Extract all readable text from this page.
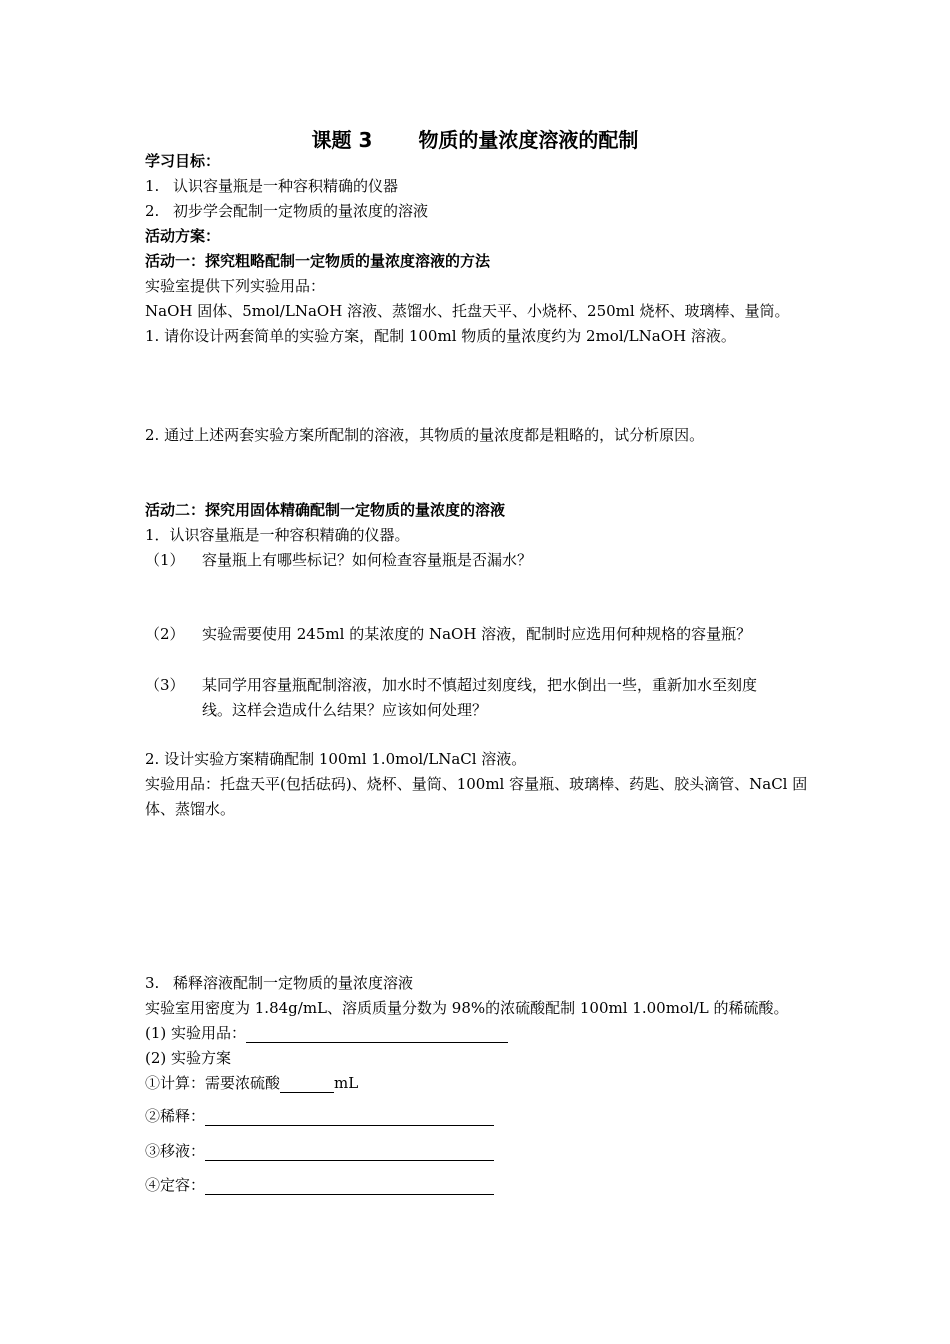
课题 3 物质的量浓度溶液的配制
学习目标：
1. 认识容量瓶是一种容积精确的仪器
2. 初步学会配制一定物质的量浓度的溶液
活动方案：
活动一：探究粗略配制一定物质的量浓度溶液的方法
实验室提供下列实验用品：
NaOH 固体、5mol/LNaOH 溶液、蒸馏水、托盘天平、小烧杯、250ml 烧杯、玻璃棒、量筒。
1. 请你设计两套简单的实验方案，配制 100ml 物质的量浓度约为 2mol/LNaOH 溶液。
2. 通过上述两套实验方案所配制的溶液，其物质的量浓度都是粗略的，试分析原因。
活动二：探究用固体精确配制一定物质的量浓度的溶液
1．认识容量瓶是一种容积精确的仪器。
（1） 容量瓶上有哪些标记？如何检查容量瓶是否漏水？
（2） 实验需要使用 245ml 的某浓度的 NaOH 溶液，配制时应选用何种规格的容量瓶？
（3） 某同学用容量瓶配制溶液，加水时不慎超过刻度线，把水倒出一些，重新加水至刻度
线。这样会造成什么结果？应该如何处理？
2. 设计实验方案精确配制 100ml 1.0mol/LNaCl 溶液。
实验用品：托盘天平(包括砝码)、烧杯、量筒、100ml 容量瓶、玻璃棒、药匙、胶头滴管、NaCl 固
体、蒸馏水。
3. 稀释溶液配制一定物质的量浓度溶液
实验室用密度为 1.84g/mL、溶质质量分数为 98%的浓硫酸配制 100ml 1.00mol/L 的稀硫酸。
(1) 实验用品：
(2) 实验方案
①计算：需要浓硫酸	mL
②稀释：
③移液：
④定容：
